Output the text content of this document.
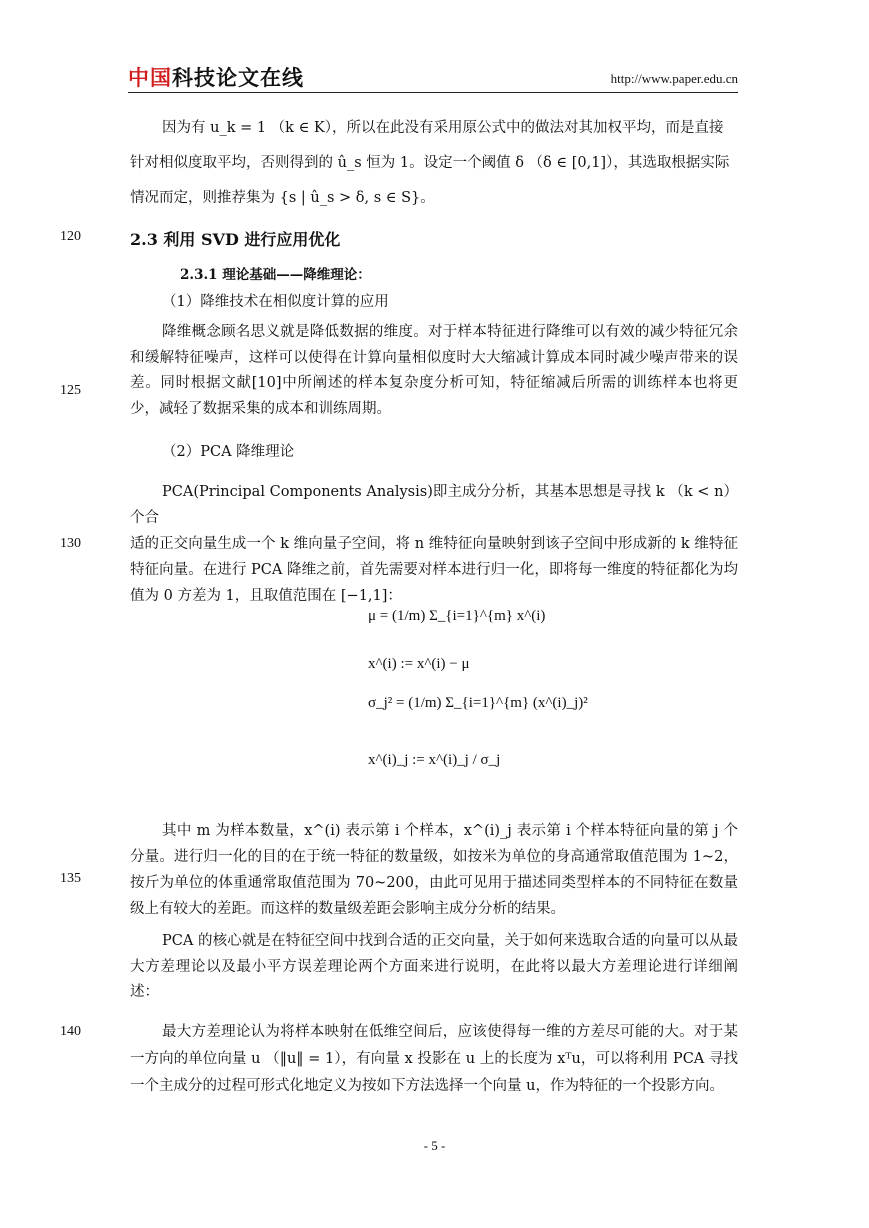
中国科技论文在线	http://www.paper.edu.cn
120
125
130
135
140
因为有 u_k = 1 （k ∈ K），所以在此没有采用原公式中的做法对其加权平均，而是直接
针对相似度取平均，否则得到的 û_s 恒为 1。设定一个阈值 δ （δ ∈ [0,1]），其选取根据实际
情况而定，则推荐集为 {s | û_s > δ, s ∈ S}。
2.3 利用 SVD 进行应用优化
2.3.1 理论基础——降维理论：
（1）降维技术在相似度计算的应用
降维概念顾名思义就是降低数据的维度。对于样本特征进行降维可以有效的减少特征冗余和缓解特征噪声，这样可以使得在计算向量相似度时大大缩减计算成本同时减少噪声带来的误差。同时根据文献[10]中所阐述的样本复杂度分析可知，特征缩减后所需的训练样本也将更少，减轻了数据采集的成本和训练周期。
（2）PCA 降维理论
PCA(Principal Components Analysis)即主成分分析，其基本思想是寻找 k （k < n）个合
适的正交向量生成一个 k 维向量子空间，将 n 维特征向量映射到该子空间中形成新的 k 维特征特征向量。在进行 PCA 降维之前，首先需要对样本进行归一化，即将每一维度的特征都化为均值为 0 方差为 1，且取值范围在 [−1,1]：
μ = (1/m) Σ_{i=1}^{m} x^(i)
x^(i) := x^(i) − μ
σ_j² = (1/m) Σ_{i=1}^{m} (x^(i)_j)²
x^(i)_j := x^(i)_j / σ_j
其中 m 为样本数量，x^(i) 表示第 i 个样本，x^(i)_j 表示第 i 个样本特征向量的第 j 个分量。进行归一化的目的在于统一特征的数量级，如按米为单位的身高通常取值范围为 1~2，按斤为单位的体重通常取值范围为 70~200，由此可见用于描述同类型样本的不同特征在数量级上有较大的差距。而这样的数量级差距会影响主成分分析的结果。
PCA 的核心就是在特征空间中找到合适的正交向量，关于如何来选取合适的向量可以从最大方差理论以及最小平方误差理论两个方面来进行说明，在此将以最大方差理论进行详细阐述：
最大方差理论认为将样本映射在低维空间后，应该使得每一维的方差尽可能的大。对于某一方向的单位向量 u （‖u‖ = 1），有向量 x 投影在 u 上的长度为 xᵀu，可以将利用 PCA 寻找一个主成分的过程可形式化地定义为按如下方法选择一个向量 u，作为特征的一个投影方向。
- 5 -
